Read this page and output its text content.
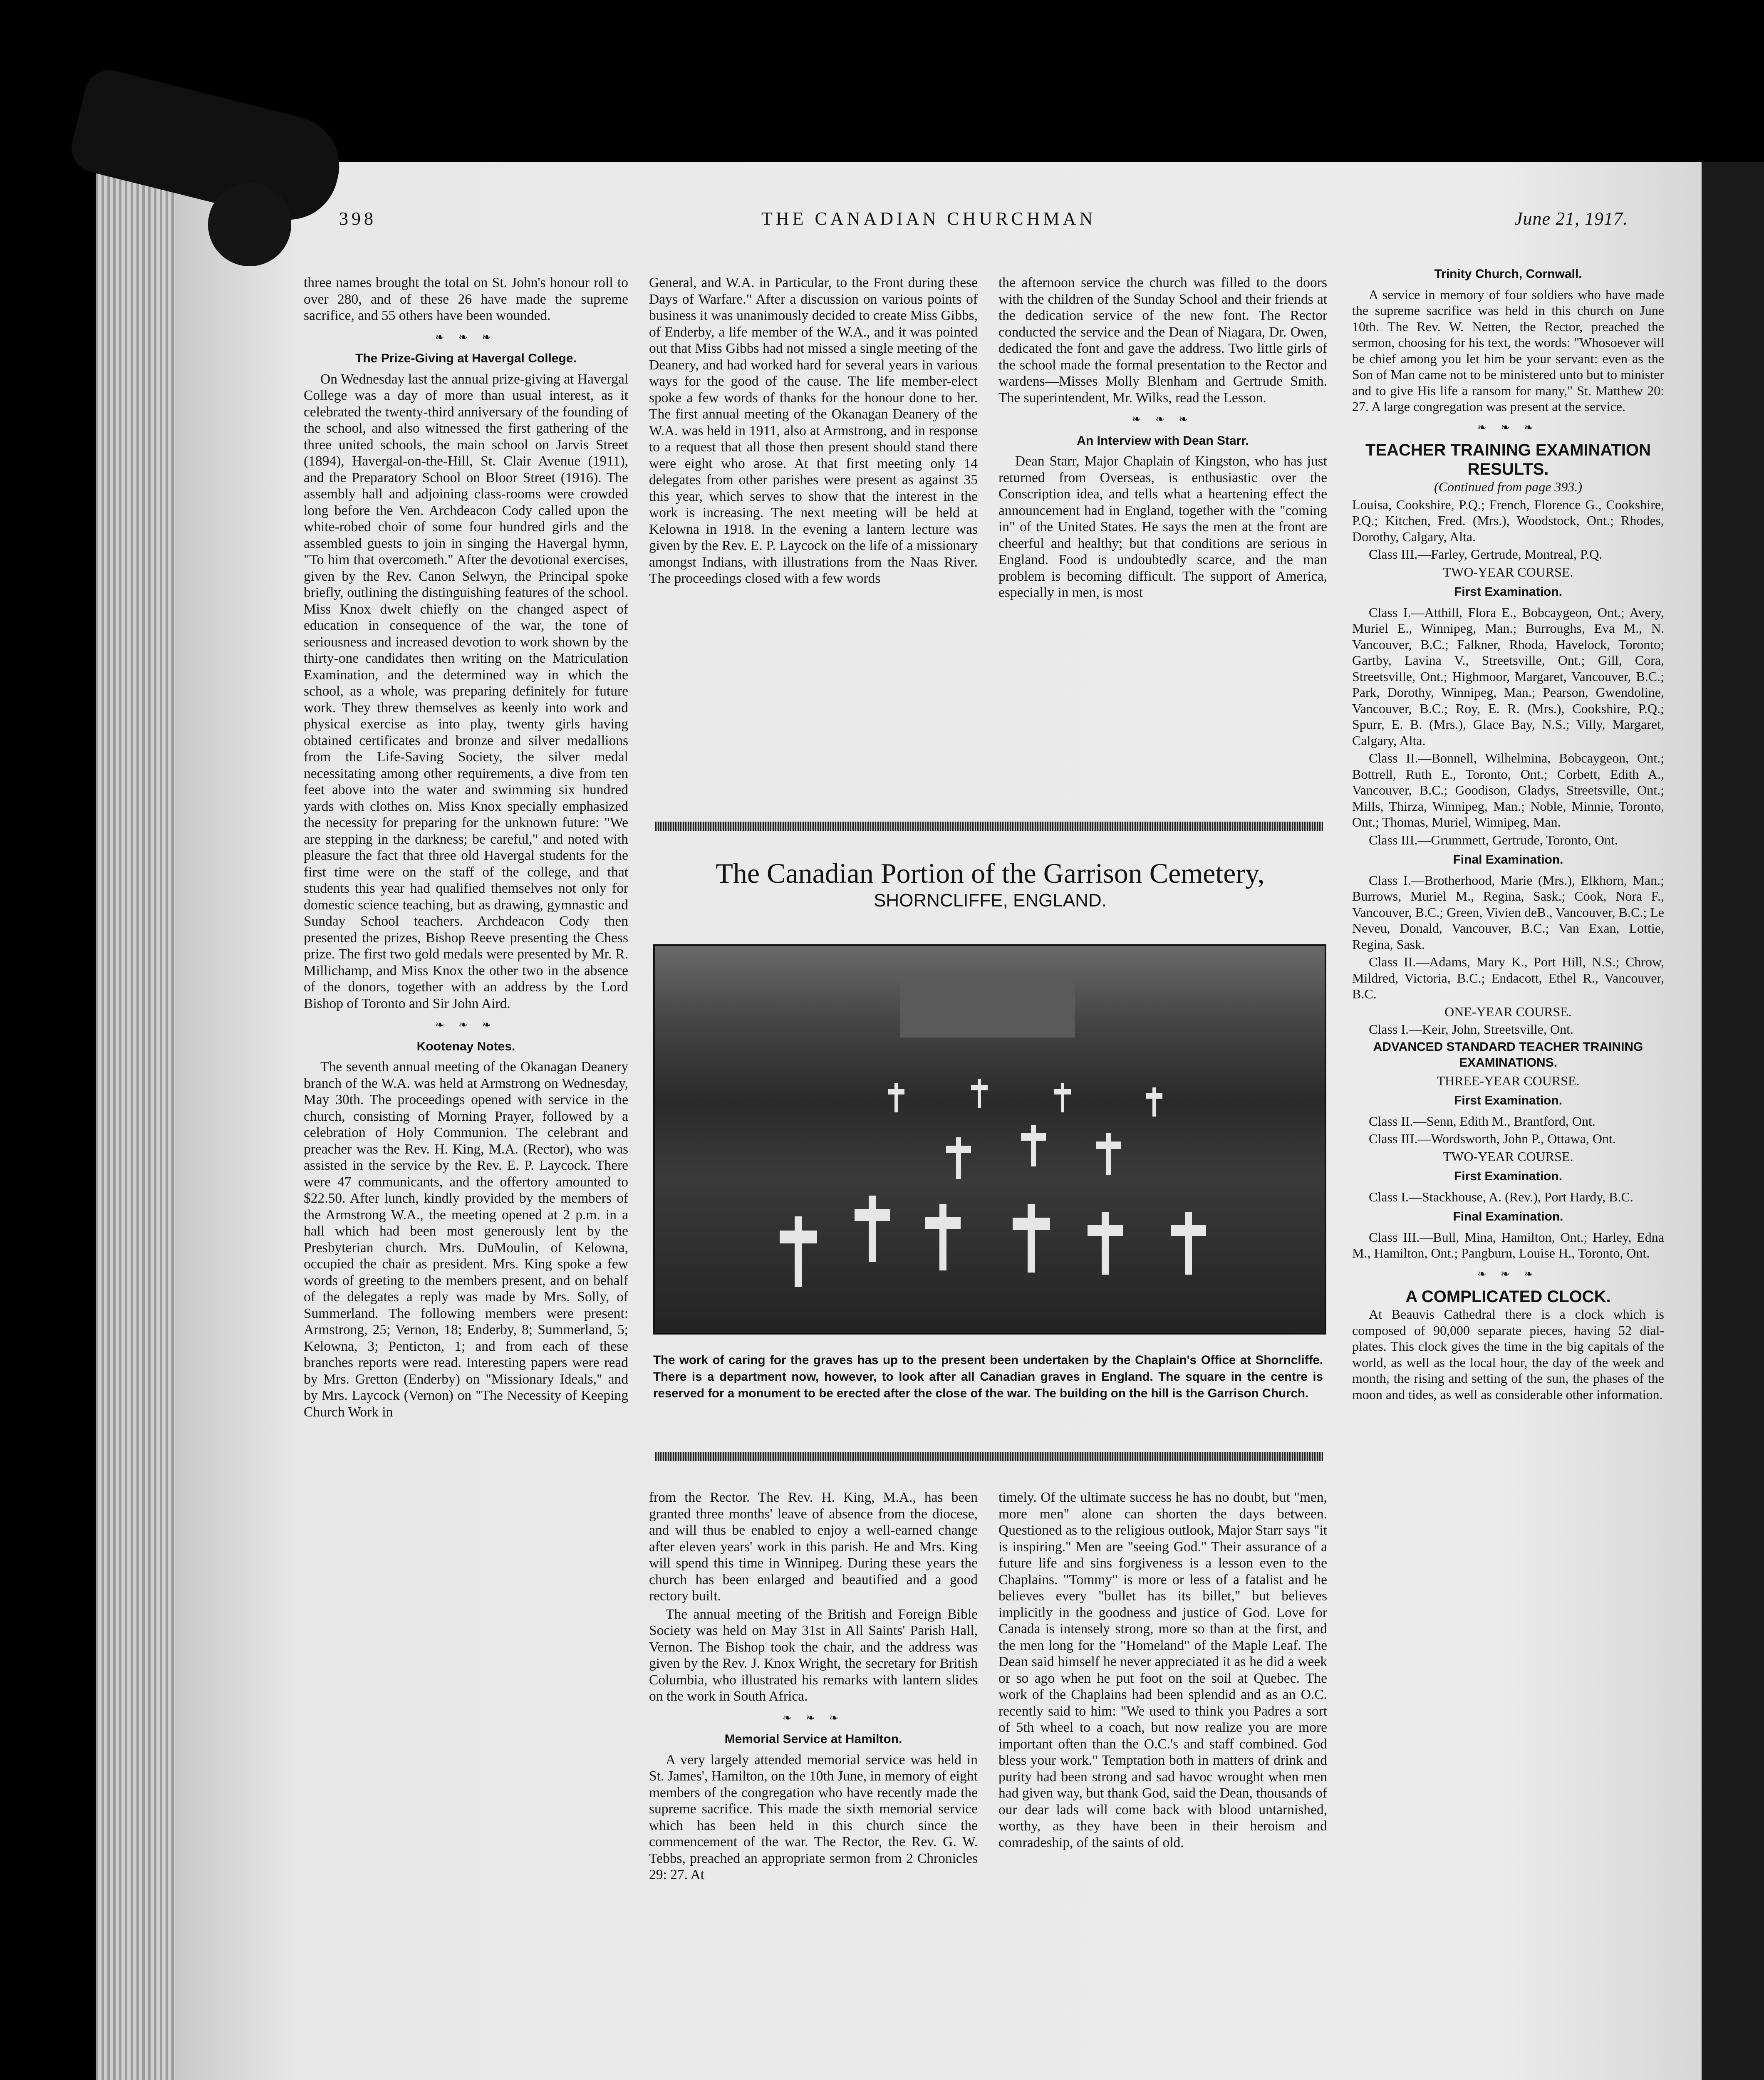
398	THE CANADIAN CHURCHMAN	June 21, 1917.

three names brought the total on St. John's honour roll to over 280, and of these 26 have made the supreme sacrifice, and 55 others have been wounded.

❧ ❧ ❧
The Prize-Giving at Havergal College.

On Wednesday last the annual prize-giving at Havergal College was a day of more than usual interest, as it celebrated the twenty-third anniversary of the founding of the school, and also witnessed the first gathering of the three united schools, the main school on Jarvis Street (1894), Havergal-on-the-Hill, St. Clair Avenue (1911), and the Preparatory School on Bloor Street (1916). The assembly hall and adjoining class-rooms were crowded long before the Ven. Archdeacon Cody called upon the white-robed choir of some four hundred girls and the assembled guests to join in singing the Havergal hymn, "To him that overcometh." After the devotional exercises, given by the Rev. Canon Selwyn, the Principal spoke briefly, outlining the distinguishing features of the school. Miss Knox dwelt chiefly on the changed aspect of education in consequence of the war, the tone of seriousness and increased devotion to work shown by the thirty-one candidates then writing on the Matriculation Examination, and the determined way in which the school, as a whole, was preparing definitely for future work. They threw themselves as keenly into work and physical exercise as into play, twenty girls having obtained certificates and bronze and silver medallions from the Life-Saving Society, the silver medal necessitating among other requirements, a dive from ten feet above into the water and swimming six hundred yards with clothes on. Miss Knox specially emphasized the necessity for preparing for the unknown future: "We are stepping in the darkness; be careful," and noted with pleasure the fact that three old Havergal students for the first time were on the staff of the college, and that students this year had qualified themselves not only for domestic science teaching, but as drawing, gymnastic and Sunday School teachers. Archdeacon Cody then presented the prizes, Bishop Reeve presenting the Chess prize. The first two gold medals were presented by Mr. R. Millichamp, and Miss Knox the other two in the absence of the donors, together with an address by the Lord Bishop of Toronto and Sir John Aird.

❧ ❧ ❧
Kootenay Notes.

The seventh annual meeting of the Okanagan Deanery branch of the W.A. was held at Armstrong on Wednesday, May 30th. The proceedings opened with service in the church, consisting of Morning Prayer, followed by a celebration of Holy Communion. The celebrant and preacher was the Rev. H. King, M.A. (Rector), who was assisted in the service by the Rev. E. P. Laycock. There were 47 communicants, and the offertory amounted to $22.50. After lunch, kindly provided by the members of the Armstrong W.A., the meeting opened at 2 p.m. in a hall which had been most generously lent by the Presbyterian church. Mrs. DuMoulin, of Kelowna, occupied the chair as president. Mrs. King spoke a few words of greeting to the members present, and on behalf of the delegates a reply was made by Mrs. Solly, of Summerland. The following members were present: Armstrong, 25; Vernon, 18; Enderby, 8; Summerland, 5; Kelowna, 3; Penticton, 1; and from each of these branches reports were read. Interesting papers were read by Mrs. Gretton (Enderby) on "Missionary Ideals," and by Mrs. Laycock (Vernon) on "The Necessity of Keeping Church Work in

General, and W.A. in Particular, to the Front during these Days of Warfare." After a discussion on various points of business it was unanimously decided to create Miss Gibbs, of Enderby, a life member of the W.A., and it was pointed out that Miss Gibbs had not missed a single meeting of the Deanery, and had worked hard for several years in various ways for the good of the cause. The life member-elect spoke a few words of thanks for the honour done to her. The first annual meeting of the Okanagan Deanery of the W.A. was held in 1911, also at Armstrong, and in response to a request that all those then present should stand there were eight who arose. At that first meeting only 14 delegates from other parishes were present as against 35 this year, which serves to show that the interest in the work is increasing. The next meeting will be held at Kelowna in 1918. In the evening a lantern lecture was given by the Rev. E. P. Laycock on the life of a missionary amongst Indians, with illustrations from the Naas River. The proceedings closed with a few words

the afternoon service the church was filled to the doors with the children of the Sunday School and their friends at the dedication service of the new font. The Rector conducted the service and the Dean of Niagara, Dr. Owen, dedicated the font and gave the address. Two little girls of the school made the formal presentation to the Rector and wardens—Misses Molly Blenham and Gertrude Smith. The superintendent, Mr. Wilks, read the Lesson.

❧ ❧ ❧
An Interview with Dean Starr.

Dean Starr, Major Chaplain of Kingston, who has just returned from Overseas, is enthusiastic over the Conscription idea, and tells what a heartening effect the announcement had in England, together with the "coming in" of the United States. He says the men at the front are cheerful and healthy; but that conditions are serious in England. Food is undoubtedly scarce, and the man problem is becoming difficult. The support of America, especially in men, is most

The Canadian Portion of the Garrison Cemetery,
SHORNCLIFFE, ENGLAND.
The work of caring for the graves has up to the present been undertaken by the Chaplain's Office at Shorncliffe. There is a department now, however, to look after all Canadian graves in England. The square in the centre is reserved for a monument to be erected after the close of the war. The building on the hill is the Garrison Church.

from the Rector. The Rev. H. King, M.A., has been granted three months' leave of absence from the diocese, and will thus be enabled to enjoy a well-earned change after eleven years' work in this parish. He and Mrs. King will spend this time in Winnipeg. During these years the church has been enlarged and beautified and a good rectory built.

The annual meeting of the British and Foreign Bible Society was held on May 31st in All Saints' Parish Hall, Vernon. The Bishop took the chair, and the address was given by the Rev. J. Knox Wright, the secretary for British Columbia, who illustrated his remarks with lantern slides on the work in South Africa.

❧ ❧ ❧
Memorial Service at Hamilton.

A very largely attended memorial service was held in St. James', Hamilton, on the 10th June, in memory of eight members of the congregation who have recently made the supreme sacrifice. This made the sixth memorial service which has been held in this church since the commencement of the war. The Rector, the Rev. G. W. Tebbs, preached an appropriate sermon from 2 Chronicles 29: 27. At

timely. Of the ultimate success he has no doubt, but "men, more men" alone can shorten the days between. Questioned as to the religious outlook, Major Starr says "it is inspiring." Men are "seeing God." Their assurance of a future life and sins forgiveness is a lesson even to the Chaplains. "Tommy" is more or less of a fatalist and he believes every "bullet has its billet," but believes implicitly in the goodness and justice of God. Love for Canada is intensely strong, more so than at the first, and the men long for the "Homeland" of the Maple Leaf. The Dean said himself he never appreciated it as he did a week or so ago when he put foot on the soil at Quebec. The work of the Chaplains had been splendid and as an O.C. recently said to him: "We used to think you Padres a sort of 5th wheel to a coach, but now realize you are more important often than the O.C.'s and staff combined. God bless your work." Temptation both in matters of drink and purity had been strong and sad havoc wrought when men had given way, but thank God, said the Dean, thousands of our dear lads will come back with blood untarnished, worthy, as they have been in their heroism and comradeship, of the saints of old.

Trinity Church, Cornwall.

A service in memory of four soldiers who have made the supreme sacrifice was held in this church on June 10th. The Rev. W. Netten, the Rector, preached the sermon, choosing for his text, the words: "Whosoever will be chief among you let him be your servant: even as the Son of Man came not to be ministered unto but to minister and to give His life a ransom for many," St. Matthew 20: 27. A large congregation was present at the service.

❧ ❧ ❧
TEACHER TRAINING EXAMINATION RESULTS.

(Continued from page 393.)

Louisa, Cookshire, P.Q.; French, Florence G., Cookshire, P.Q.; Kitchen, Fred. (Mrs.), Woodstock, Ont.; Rhodes, Dorothy, Calgary, Alta.

Class III.—Farley, Gertrude, Montreal, P.Q.

TWO-YEAR COURSE.

First Examination.

Class I.—Atthill, Flora E., Bobcaygeon, Ont.; Avery, Muriel E., Winnipeg, Man.; Burroughs, Eva M., N. Vancouver, B.C.; Falkner, Rhoda, Havelock, Toronto; Gartby, Lavina V., Streetsville, Ont.; Gill, Cora, Streetsville, Ont.; Highmoor, Margaret, Vancouver, B.C.; Park, Dorothy, Winnipeg, Man.; Pearson, Gwendoline, Vancouver, B.C.; Roy, E. R. (Mrs.), Cookshire, P.Q.; Spurr, E. B. (Mrs.), Glace Bay, N.S.; Villy, Margaret, Calgary, Alta.

Class II.—Bonnell, Wilhelmina, Bobcaygeon, Ont.; Bottrell, Ruth E., Toronto, Ont.; Corbett, Edith A., Vancouver, B.C.; Goodison, Gladys, Streetsville, Ont.; Mills, Thirza, Winnipeg, Man.; Noble, Minnie, Toronto, Ont.; Thomas, Muriel, Winnipeg, Man.

Class III.—Grummett, Gertrude, Toronto, Ont.

Final Examination.

Class I.—Brotherhood, Marie (Mrs.), Elkhorn, Man.; Burrows, Muriel M., Regina, Sask.; Cook, Nora F., Vancouver, B.C.; Green, Vivien deB., Vancouver, B.C.; Le Neveu, Donald, Vancouver, B.C.; Van Exan, Lottie, Regina, Sask.

Class II.—Adams, Mary K., Port Hill, N.S.; Chrow, Mildred, Victoria, B.C.; Endacott, Ethel R., Vancouver, B.C.

ONE-YEAR COURSE.

Class I.—Keir, John, Streetsville, Ont.

ADVANCED STANDARD TEACHER TRAINING EXAMINATIONS.

THREE-YEAR COURSE.

First Examination.

Class II.—Senn, Edith M., Brantford, Ont.

Class III.—Wordsworth, John P., Ottawa, Ont.

TWO-YEAR COURSE.

First Examination.

Class I.—Stackhouse, A. (Rev.), Port Hardy, B.C.

Final Examination.

Class III.—Bull, Mina, Hamilton, Ont.; Harley, Edna M., Hamilton, Ont.; Pangburn, Louise H., Toronto, Ont.

❧ ❧ ❧
A COMPLICATED CLOCK.

At Beauvis Cathedral there is a clock which is composed of 90,000 separate pieces, having 52 dial-plates. This clock gives the time in the big capitals of the world, as well as the local hour, the day of the week and month, the rising and setting of the sun, the phases of the moon and tides, as well as considerable other information.
